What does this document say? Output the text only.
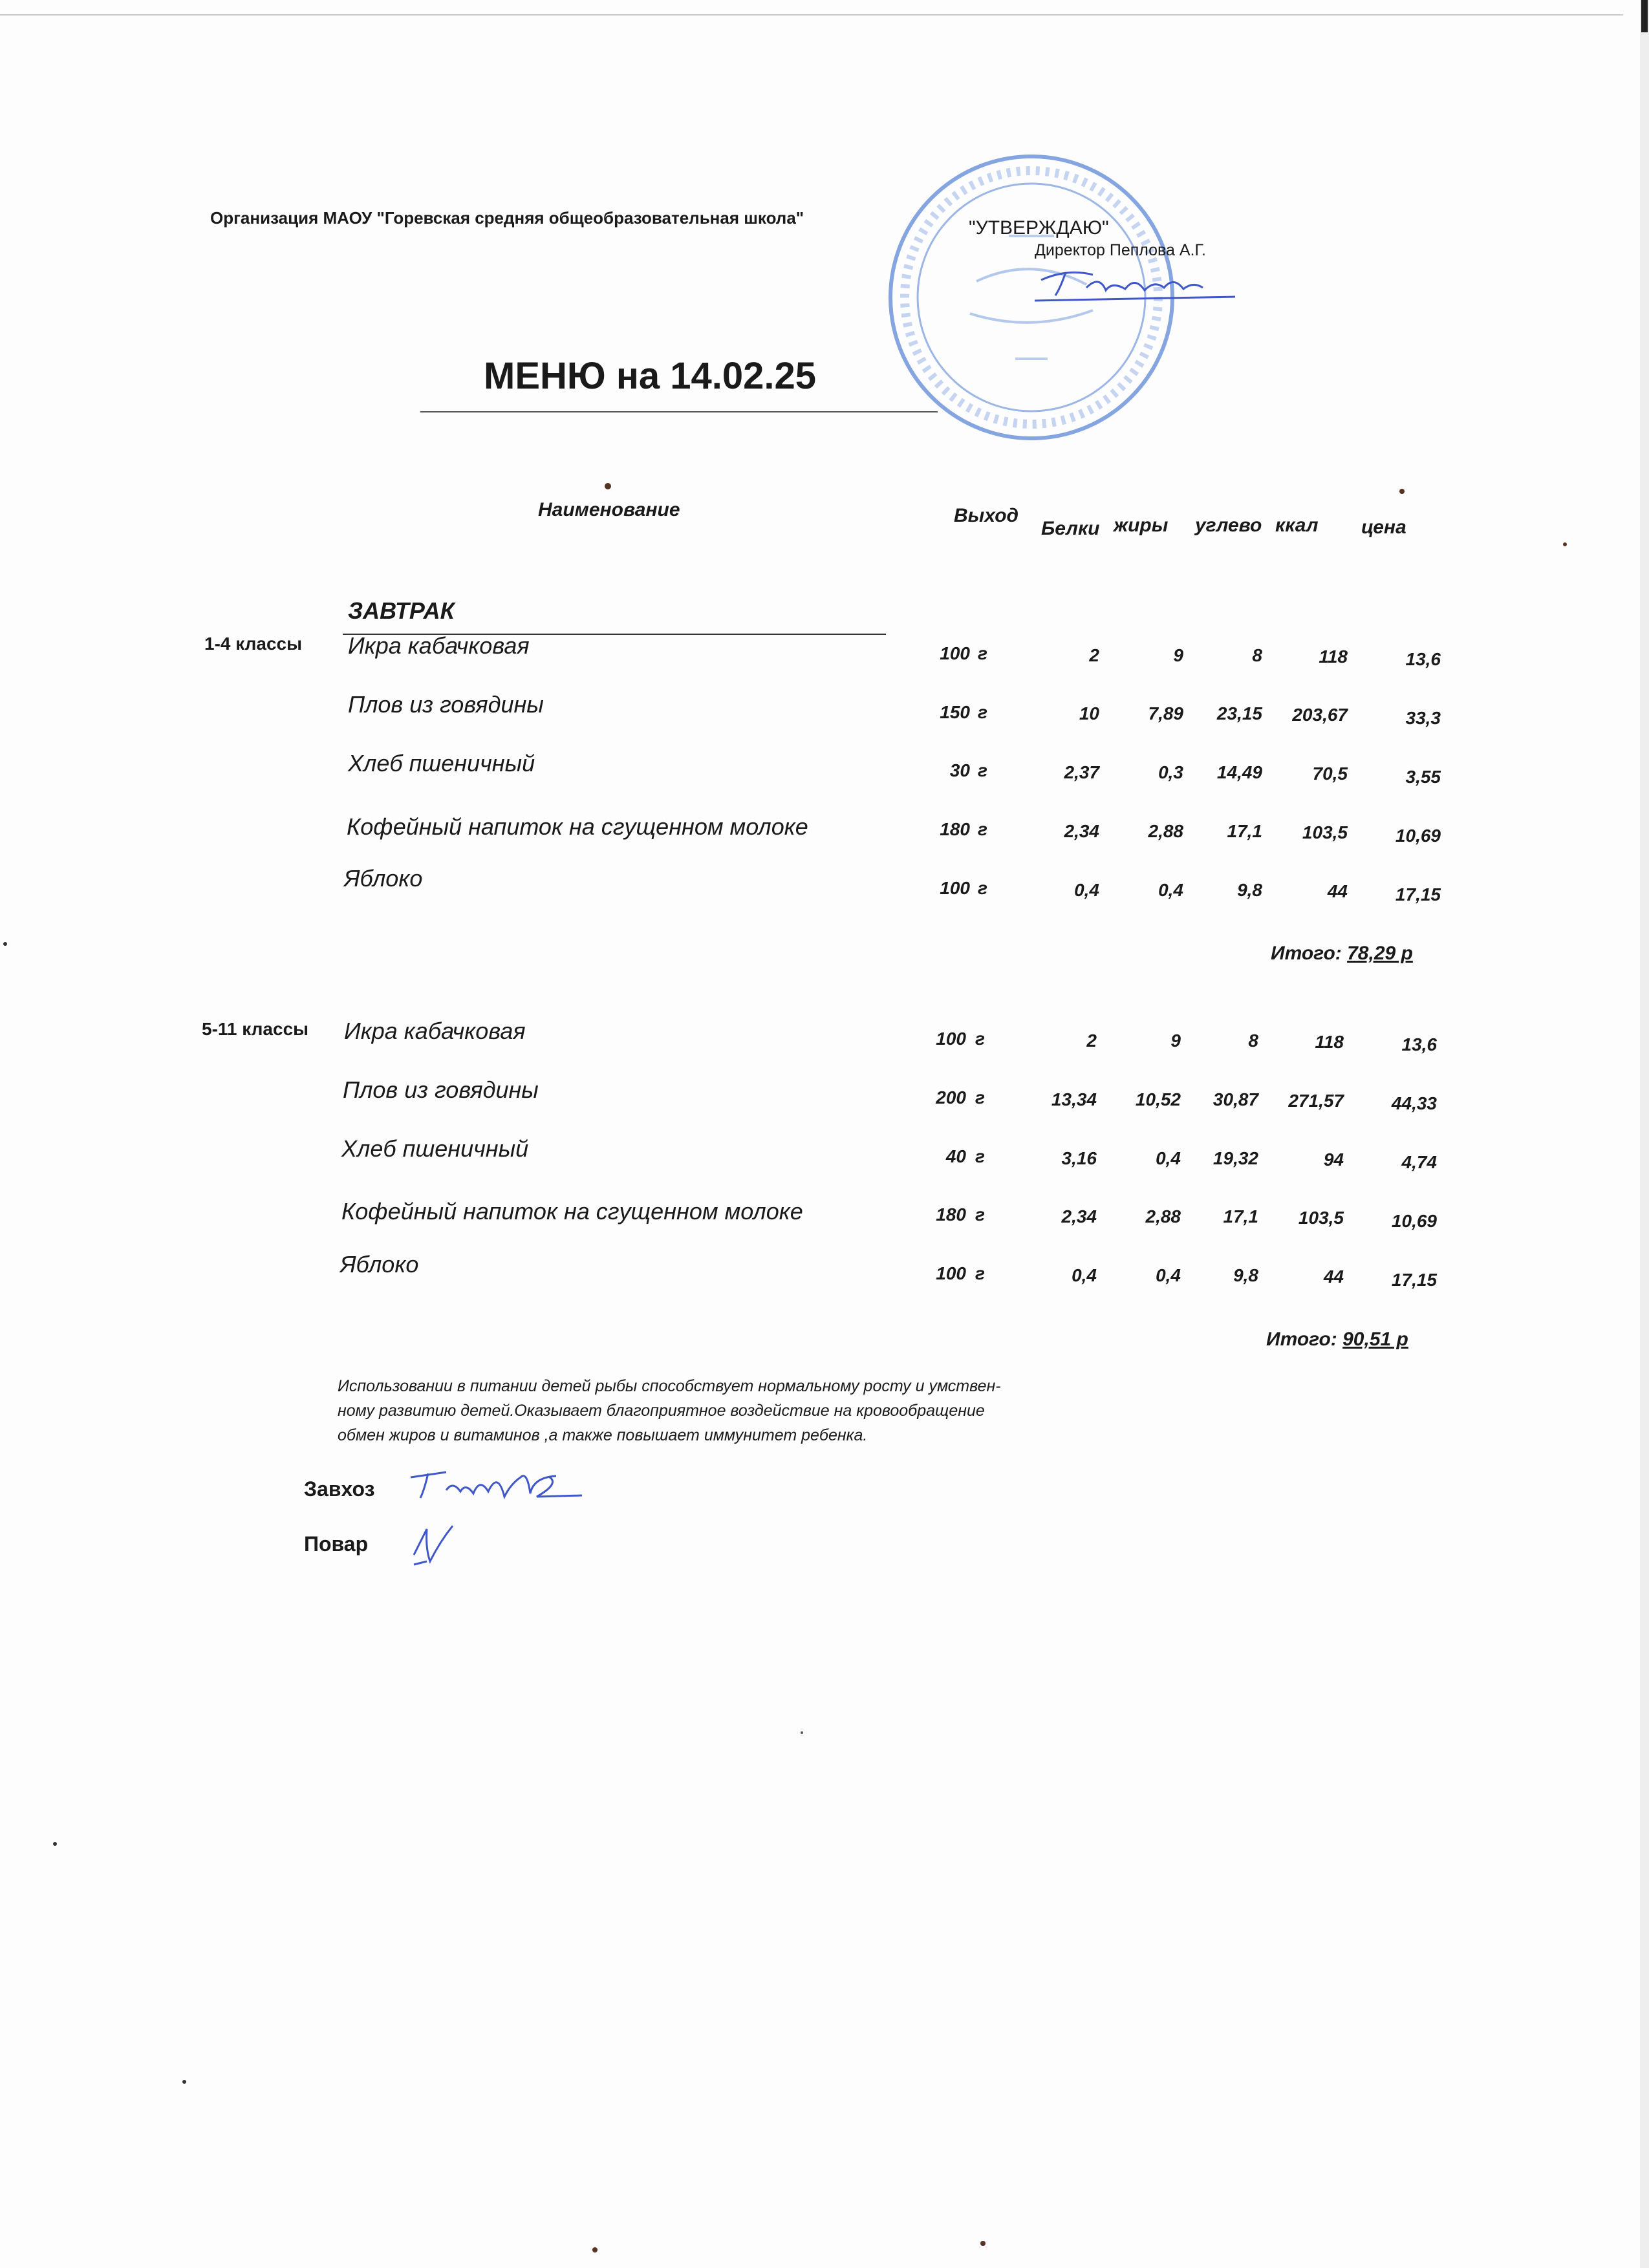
Организация МАОУ "Горевская средняя общеобразовательная школа"	"УТВЕРЖДАЮ"
Директор Пеплова А.Г.
МЕНЮ на 14.02.25
Наименование	Выход
Белки жиры углево ккал цена
ЗАВТРАК
1-4 классы Икра кабачковая	100 г	2	9	8	118	13,6
Плов из говядины	150 г	10	7,89	23,15	203,67	33,3
Хлеб пшеничный	30 г	2,37	0,3	14,49	70,5	3,55
Кофейный напиток на сгущенном молоке	180 г	2,34	2,88	17,1	103,5	10,69
Яблоко	100 г	0,4	0,4	9,8	44	17,15
Итого: 78,29 р
5-11 классы Икра кабачковая	100 г	2	9	8	118	13,6
Плов из говядины	200 г	13,34	10,52	30,87	271,57	44,33
Хлеб пшеничный	40 г	3,16	0,4	19,32	94	4,74
Кофейный напиток на сгущенном молоке	180 г	2,34	2,88	17,1	103,5	10,69
Яблоко	100 г	0,4	0,4	9,8	44	17,15
Итого: 90,51 р
Использовании в питании детей рыбы способствует нормальному росту и умствен-
ному развитию детей.Оказывает благоприятное воздействие на кровообращение
обмен жиров и витаминов ,а также повышает иммунитет ребенка.
Завхоз
Повар
